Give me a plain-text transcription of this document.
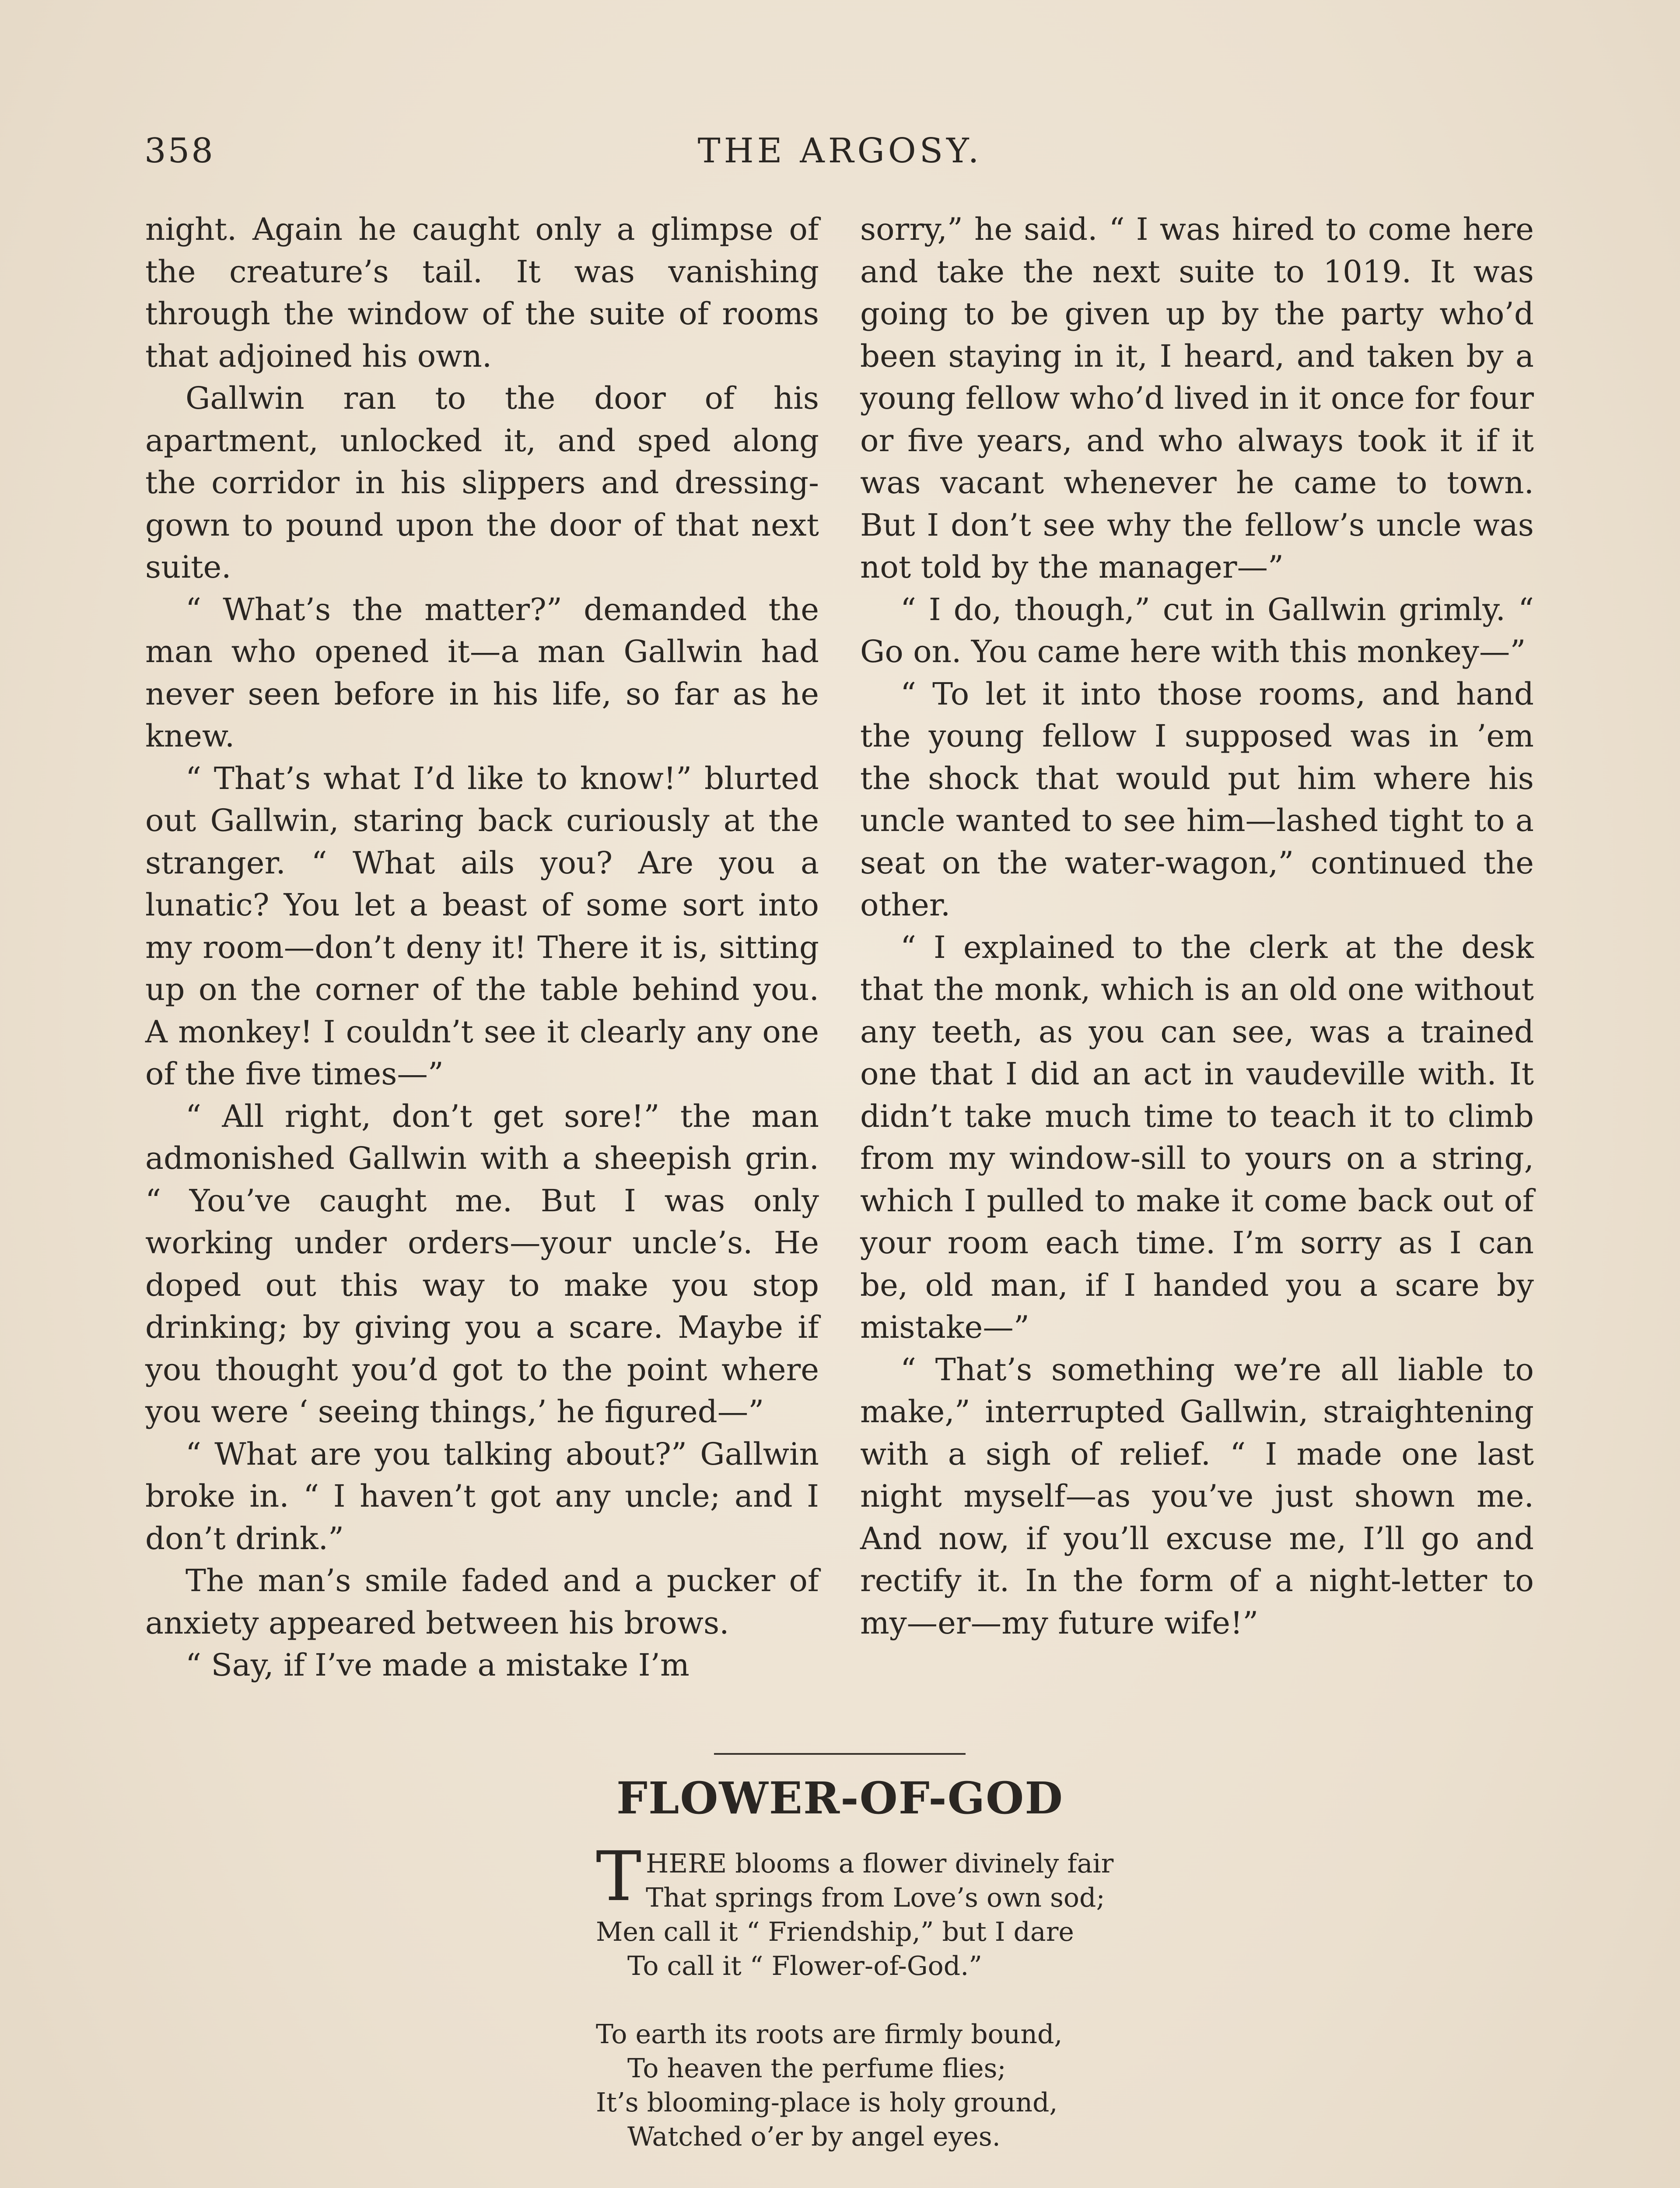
358	THE ARGOSY.

night. Again he caught only a glimpse of the creature’s tail. It was vanishing through the window of the suite of rooms that adjoined his own.

Gallwin ran to the door of his apartment, unlocked it, and sped along the corridor in his slippers and dressing-gown to pound upon the door of that next suite.

“ What’s the matter?” demanded the man who opened it—a man Gallwin had never seen before in his life, so far as he knew.

“ That’s what I’d like to know!” blurted out Gallwin, staring back curiously at the stranger. “ What ails you? Are you a lunatic? You let a beast of some sort into my room—don’t deny it! There it is, sitting up on the corner of the table behind you. A monkey! I couldn’t see it clearly any one of the five times—”

“ All right, don’t get sore!” the man admonished Gallwin with a sheepish grin. “ You’ve caught me. But I was only working under orders—your uncle’s. He doped out this way to make you stop drinking; by giving you a scare. Maybe if you thought you’d got to the point where you were ‘ seeing things,’ he figured—”

“ What are you talking about?” Gallwin broke in. “ I haven’t got any uncle; and I don’t drink.”

The man’s smile faded and a pucker of anxiety appeared between his brows.

“ Say, if I’ve made a mistake I’m

sorry,” he said. “ I was hired to come here and take the next suite to 1019. It was going to be given up by the party who’d been staying in it, I heard, and taken by a young fellow who’d lived in it once for four or five years, and who always took it if it was vacant whenever he came to town. But I don’t see why the fellow’s uncle was not told by the manager—”

“ I do, though,” cut in Gallwin grimly. “ Go on. You came here with this monkey—”

“ To let it into those rooms, and hand the young fellow I supposed was in ’em the shock that would put him where his uncle wanted to see him—lashed tight to a seat on the water-wagon,” continued the other.

“ I explained to the clerk at the desk that the monk, which is an old one without any teeth, as you can see, was a trained one that I did an act in vaudeville with. It didn’t take much time to teach it to climb from my window-sill to yours on a string, which I pulled to make it come back out of your room each time. I’m sorry as I can be, old man, if I handed you a scare by mistake—”

“ That’s something we’re all liable to make,” interrupted Gallwin, straightening with a sigh of relief. “ I made one last night myself—as you’ve just shown me. And now, if you’ll excuse me, I’ll go and rectify it. In the form of a night-letter to my—er—my future wife!”

FLOWER-OF-GOD
T HERE blooms a flower divinely fair
That springs from Love’s own sod;
Men call it “ Friendship,” but I dare
To call it “ Flower-of-God.”
To earth its roots are firmly bound,
To heaven the perfume flies;
It’s blooming-place is holy ground,
Watched o’er by angel eyes.
